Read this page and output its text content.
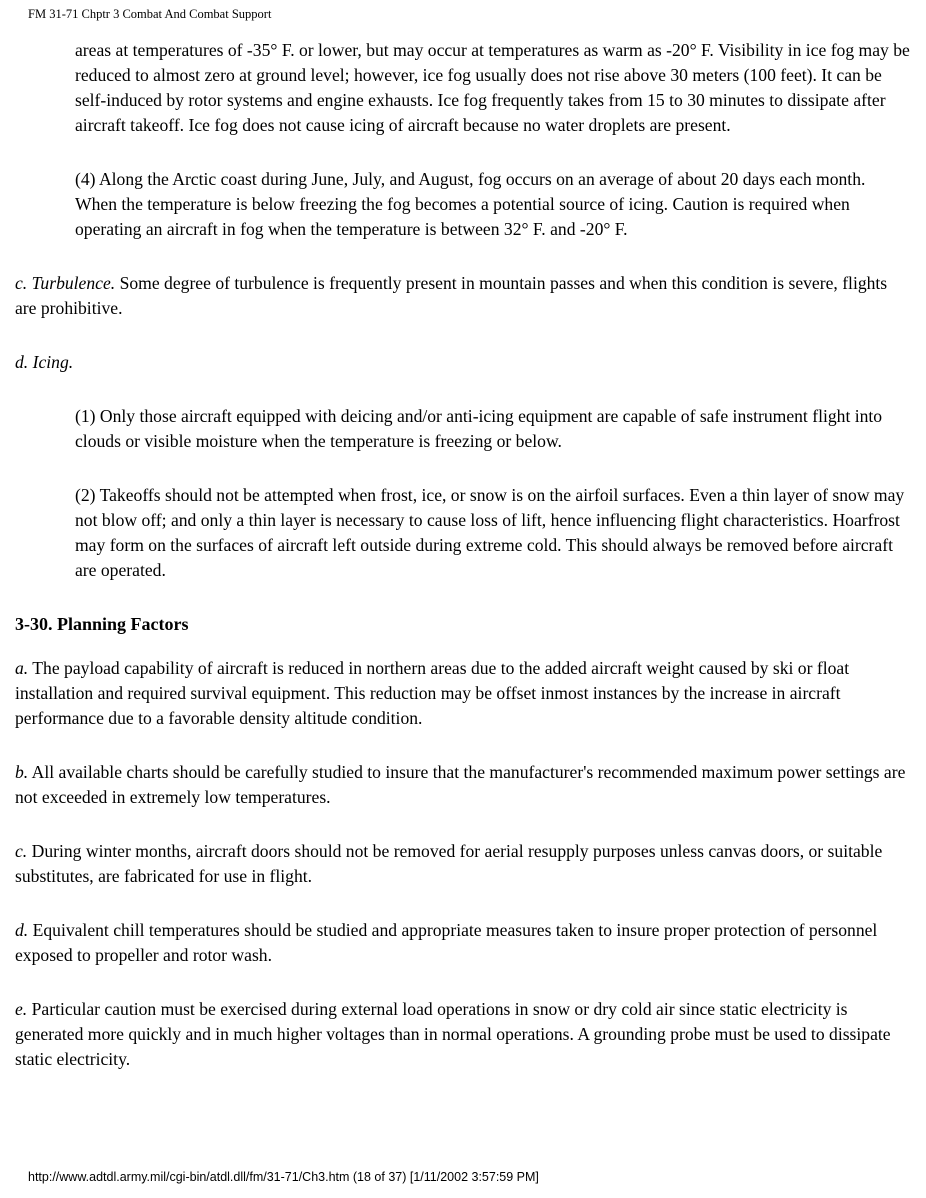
FM 31-71 Chptr 3 Combat And Combat Support

areas at temperatures of -35° F. or lower, but may occur at temperatures as warm as -20° F. Visibility in ice fog may be reduced to almost zero at ground level; however, ice fog usually does not rise above 30 meters (100 feet). It can be self-induced by rotor systems and engine exhausts. Ice fog frequently takes from 15 to 30 minutes to dissipate after aircraft takeoff. Ice fog does not cause icing of aircraft because no water droplets are present.

(4) Along the Arctic coast during June, July, and August, fog occurs on an average of about 20 days each month. When the temperature is below freezing the fog becomes a potential source of icing. Caution is required when operating an aircraft in fog when the temperature is between 32° F. and -20° F.

c. Turbulence. Some degree of turbulence is frequently present in mountain passes and when this condition is severe, flights are prohibitive.

d. Icing.

(1) Only those aircraft equipped with deicing and/or anti-icing equipment are capable of safe instrument flight into clouds or visible moisture when the temperature is freezing or below.

(2) Takeoffs should not be attempted when frost, ice, or snow is on the airfoil surfaces. Even a thin layer of snow may not blow off; and only a thin layer is necessary to cause loss of lift, hence influencing flight characteristics. Hoarfrost may form on the surfaces of aircraft left outside during extreme cold. This should always be removed before aircraft are operated.

3-30. Planning Factors

a. The payload capability of aircraft is reduced in northern areas due to the added aircraft weight caused by ski or float installation and required survival equipment. This reduction may be offset inmost instances by the increase in aircraft performance due to a favorable density altitude condition.

b. All available charts should be carefully studied to insure that the manufacturer's recommended maximum power settings are not exceeded in extremely low temperatures.

c. During winter months, aircraft doors should not be removed for aerial resupply purposes unless canvas doors, or suitable substitutes, are fabricated for use in flight.

d. Equivalent chill temperatures should be studied and appropriate measures taken to insure proper protection of personnel exposed to propeller and rotor wash.

e. Particular caution must be exercised during external load operations in snow or dry cold air since static electricity is generated more quickly and in much higher voltages than in normal operations. A grounding probe must be used to dissipate static electricity.

http://www.adtdl.army.mil/cgi-bin/atdl.dll/fm/31-71/Ch3.htm (18 of 37) [1/11/2002 3:57:59 PM]
